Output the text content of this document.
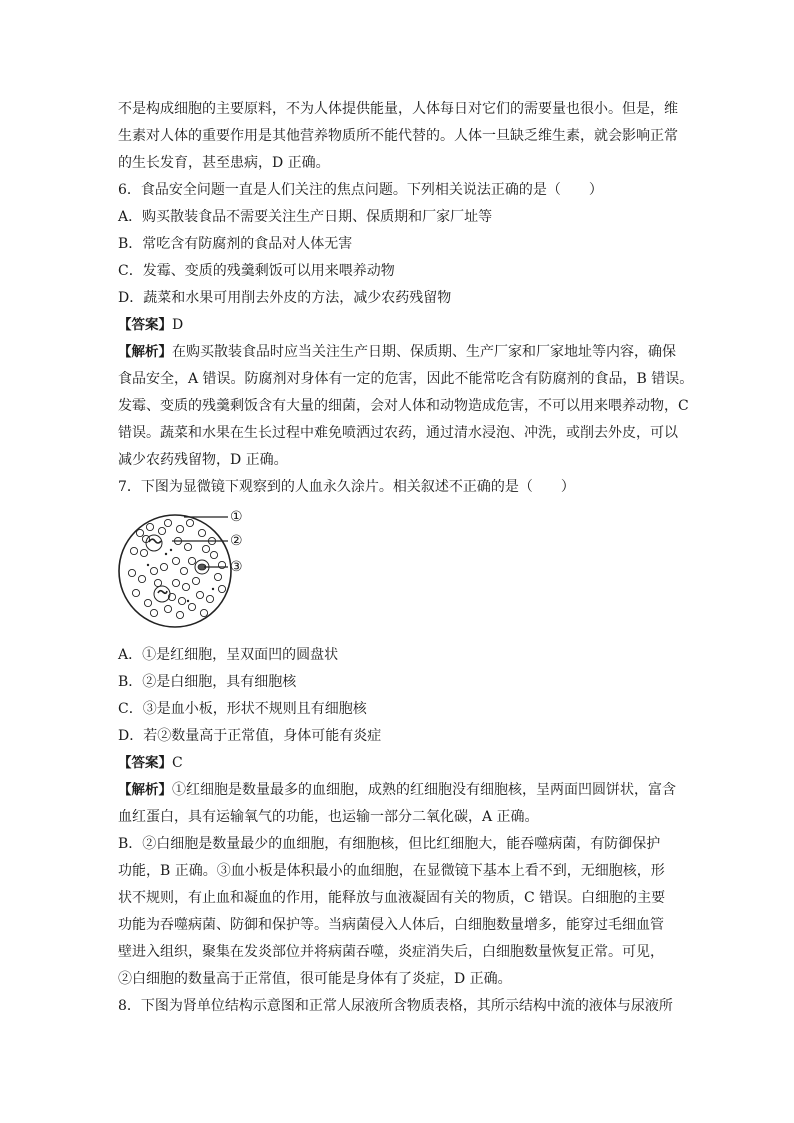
不是构成细胞的主要原料，不为人体提供能量，人体每日对它们的需要量也很小。但是，维

生素对人体的重要作用是其他营养物质所不能代替的。人体一旦缺乏维生素，就会影响正常

的生长发育，甚至患病，D 正确。

6．食品安全问题一直是人们关注的焦点问题。下列相关说法正确的是（　　）

A．购买散装食品不需要关注生产日期、保质期和厂家厂址等

B．常吃含有防腐剂的食品对人体无害

C．发霉、变质的残羹剩饭可以用来喂养动物

D．蔬菜和水果可用削去外皮的方法，减少农药残留物

【答案】D

【解析】在购买散装食品时应当关注生产日期、保质期、生产厂家和厂家地址等内容，确保

食品安全，A 错误。防腐剂对身体有一定的危害，因此不能常吃含有防腐剂的食品，B 错误。

发霉、变质的残羹剩饭含有大量的细菌，会对人体和动物造成危害，不可以用来喂养动物，C

错误。蔬菜和水果在生长过程中难免喷洒过农药，通过清水浸泡、冲洗，或削去外皮，可以

减少农药残留物，D 正确。

7．下图为显微镜下观察到的人血永久涂片。相关叙述不正确的是（　　）

①
②
③

A．①是红细胞，呈双面凹的圆盘状

B．②是白细胞，具有细胞核

C．③是血小板，形状不规则且有细胞核

D．若②数量高于正常值，身体可能有炎症

【答案】C

【解析】①红细胞是数量最多的血细胞，成熟的红细胞没有细胞核，呈两面凹圆饼状，富含

血红蛋白，具有运输氧气的功能，也运输一部分二氧化碳，A 正确。

B．②白细胞是数量最少的血细胞，有细胞核，但比红细胞大，能吞噬病菌，有防御保护

功能，B 正确。③血小板是体积最小的血细胞，在显微镜下基本上看不到，无细胞核，形

状不规则，有止血和凝血的作用，能释放与血液凝固有关的物质，C 错误。白细胞的主要

功能为吞噬病菌、防御和保护等。当病菌侵入人体后，白细胞数量增多，能穿过毛细血管

壁进入组织，聚集在发炎部位并将病菌吞噬，炎症消失后，白细胞数量恢复正常。可见，

②白细胞的数量高于正常值，很可能是身体有了炎症，D 正确。

8．下图为肾单位结构示意图和正常人尿液所含物质表格，其所示结构中流的液体与尿液所
